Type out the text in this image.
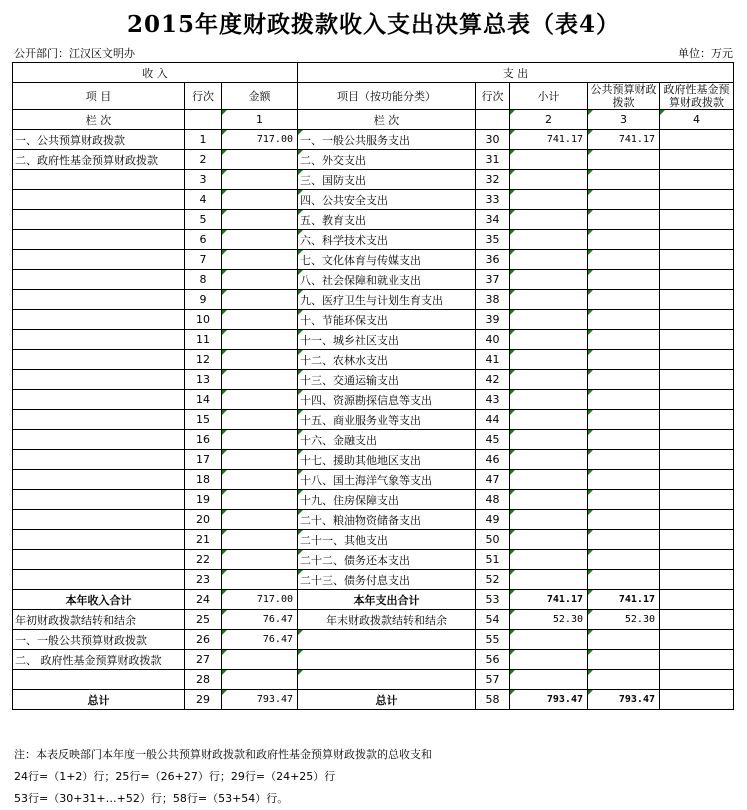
2015年度财政拨款收入支出决算总表（表4）
公开部门：江汉区文明办	单位：万元
收 入			支 出				
项 目	行次	金额	项目（按功能分类）	行次	小计	公共预算财政拨款	政府性基金预算财政拨款
栏 次		1	栏 次		2	3	4
一、公共预算财政拨款	1	717.00	一、一般公共服务支出	30	741.17	741.17	
二、政府性基金预算财政拨款	2		二、外交支出	31			
	3		三、国防支出	32			
	4		四、公共安全支出	33			
	5		五、教育支出	34			
	6		六、科学技术支出	35			
	7		七、文化体育与传媒支出	36			
	8		八、社会保障和就业支出	37			
	9		九、医疗卫生与计划生育支出	38			
	10		十、节能环保支出	39			
	11		十一、城乡社区支出	40			
	12		十二、农林水支出	41			
	13		十三、交通运输支出	42			
	14		十四、资源勘探信息等支出	43			
	15		十五、商业服务业等支出	44			
	16		十六、金融支出	45			
	17		十七、援助其他地区支出	46			
	18		十八、国土海洋气象等支出	47			
	19		十九、住房保障支出	48			
	20		二十、粮油物资储备支出	49			
	21		二十一、其他支出	50			
	22		二十二、债务还本支出	51			
	23		二十三、债务付息支出	52			
本年收入合计	24	717.00	本年支出合计	53	741.17	741.17	
年初财政拨款结转和结余	25	76.47	年末财政拨款结转和结余	54	52.30	52.30	
一、一般公共预算财政拨款	26	76.47		55			
二、 政府性基金预算财政拨款	27			56			
	28			57			
总计	29	793.47	总计	58	793.47	793.47	
注：本表反映部门本年度一般公共预算财政拨款和政府性基金预算财政拨款的总收支和
24行=（1+2）行；25行=（26+27）行；29行=（24+25）行
53行=（30+31+…+52）行；58行=（53+54）行。
